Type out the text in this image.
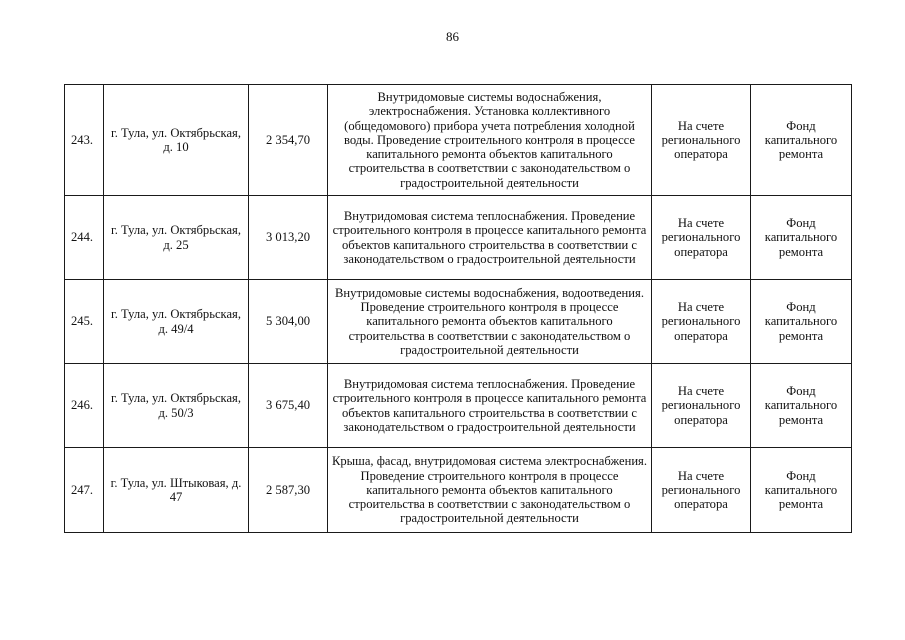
86
243.	г. Тула, ул. Октябрьская, д. 10	2 354,70	Внутридомовые системы водоснабжения, электроснабжения. Установка коллективного (общедомового) прибора учета потребления холодной воды. Проведение строительного контроля в процессе капитального ремонта объектов капитального строительства в соответствии с законодательством о градостроительной деятельности	На счете регионального оператора	Фонд капитального ремонта
244.	г. Тула, ул. Октябрьская, д. 25	3 013,20	Внутридомовая система теплоснабжения. Проведение строительного контроля в процессе капитального ремонта объектов капитального строительства в соответствии с законодательством о градостроительной деятельности	На счете регионального оператора	Фонд капитального ремонта
245.	г. Тула, ул. Октябрьская, д. 49/4	5 304,00	Внутридомовые системы водоснабжения, водоотведения. Проведение строительного контроля в процессе капитального ремонта объектов капитального строительства в соответствии с законодательством о градостроительной деятельности	На счете регионального оператора	Фонд капитального ремонта
246.	г. Тула, ул. Октябрьская, д. 50/3	3 675,40	Внутридомовая система теплоснабжения. Проведение строительного контроля в процессе капитального ремонта объектов капитального строительства в соответствии с законодательством о градостроительной деятельности	На счете регионального оператора	Фонд капитального ремонта
247.	г. Тула, ул. Штыковая, д. 47	2 587,30	Крыша, фасад, внутридомовая система электроснабжения. Проведение строительного контроля в процессе капитального ремонта объектов капитального строительства в соответствии с законодательством о градостроительной деятельности	На счете регионального оператора	Фонд капитального ремонта
